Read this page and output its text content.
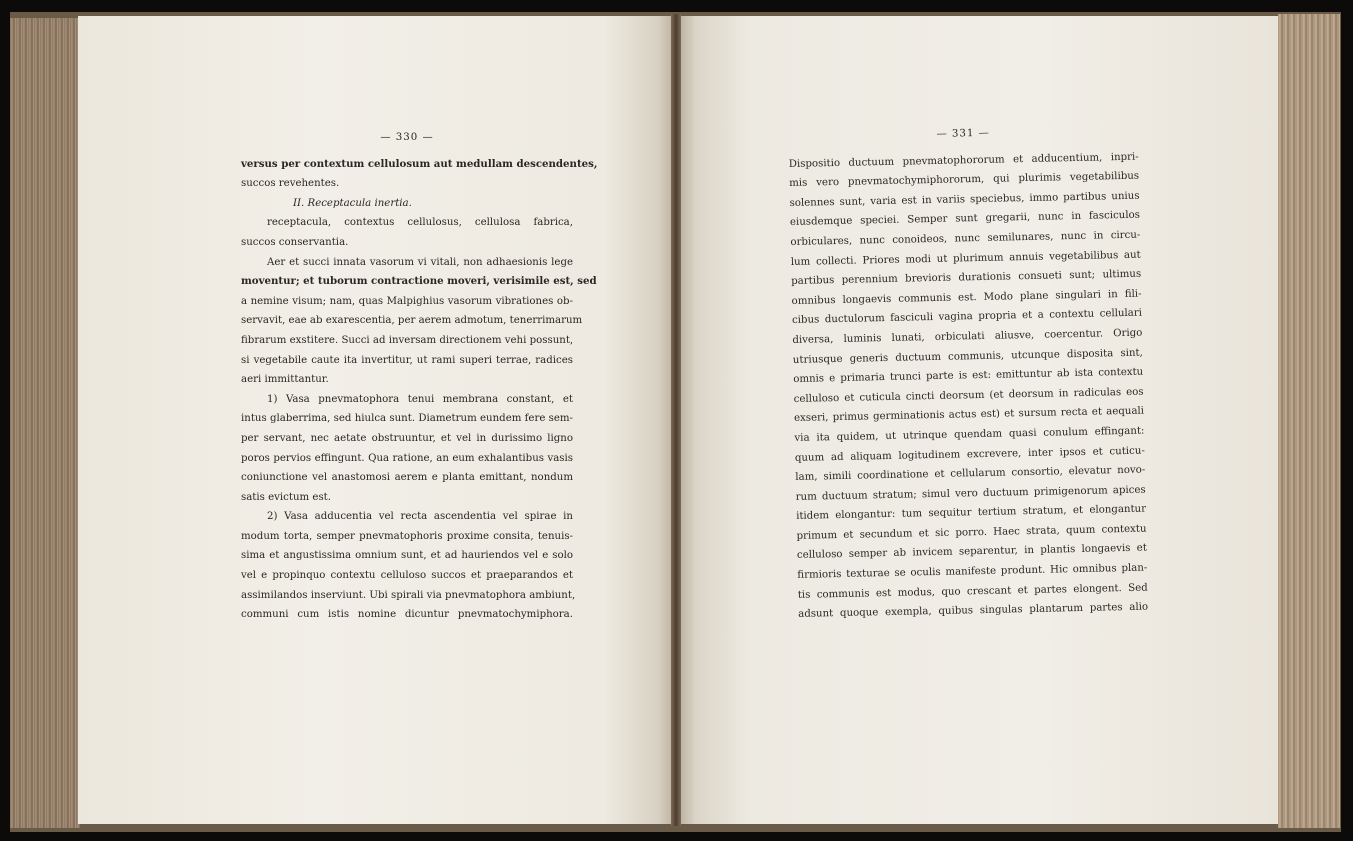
— 330 —
versus per contextum cellulosum aut medullam descendentes,
succos revehentes.
II. Receptacula inertia.
receptacula, contextus cellulosus, cellulosa fabrica,
succos conservantia.
Aer et succi innata vasorum vi vitali, non adhaesionis lege
moventur; et tuborum contractione moveri, verisimile est, sed
a nemine visum; nam, quas Malpighius vasorum vibrationes ob-
servavit, eae ab exarescentia, per aerem admotum, tenerrimarum
fibrarum exstitere. Succi ad inversam directionem vehi possunt,
si vegetabile caute ita invertitur, ut rami superi terrae, radices
aeri immittantur.
1) Vasa pnevmatophora tenui membrana constant, et
intus glaberrima, sed hiulca sunt. Diametrum eundem fere sem-
per servant, nec aetate obstruuntur, et vel in durissimo ligno
poros pervios effingunt. Qua ratione, an eum exhalantibus vasis
coniunctione vel anastomosi aerem e planta emittant, nondum
satis evictum est.
2) Vasa adducentia vel recta ascendentia vel spirae in
modum torta, semper pnevmatophoris proxime consita, tenuis-
sima et angustissima omnium sunt, et ad hauriendos vel e solo
vel e propinquo contextu celluloso succos et praeparandos et
assimilandos inserviunt. Ubi spirali via pnevmatophora ambiunt,
communi cum istis nomine dicuntur pnevmatochymiphora.
— 331 —
Dispositio ductuum pnevmatophororum et adducentium, inpri-
mis vero pnevmatochymiphororum, qui plurimis vegetabilibus
solennes sunt, varia est in variis speciebus, immo partibus unius
eiusdemque speciei. Semper sunt gregarii, nunc in fasciculos
orbiculares, nunc conoideos, nunc semilunares, nunc in circu-
lum collecti. Priores modi ut plurimum annuis vegetabilibus aut
partibus perennium brevioris durationis consueti sunt; ultimus
omnibus longaevis communis est. Modo plane singulari in fili-
cibus ductulorum fasciculi vagina propria et a contextu cellulari
diversa, luminis lunati, orbiculati aliusve, coercentur. Origo
utriusque generis ductuum communis, utcunque disposita sint,
omnis e primaria trunci parte is est: emittuntur ab ista contextu
celluloso et cuticula cincti deorsum (et deorsum in radiculas eos
exseri, primus germinationis actus est) et sursum recta et aequali
via ita quidem, ut utrinque quendam quasi conulum effingant:
quum ad aliquam logitudinem excrevere, inter ipsos et cuticu-
lam, simili coordinatione et cellularum consortio, elevatur novo-
rum ductuum stratum; simul vero ductuum primigenorum apices
itidem elongantur: tum sequitur tertium stratum, et elongantur
primum et secundum et sic porro. Haec strata, quum contextu
celluloso semper ab invicem separentur, in plantis longaevis et
firmioris texturae se oculis manifeste produnt. Hic omnibus plan-
tis communis est modus, quo crescant et partes elongent. Sed
adsunt quoque exempla, quibus singulas plantarum partes alio
